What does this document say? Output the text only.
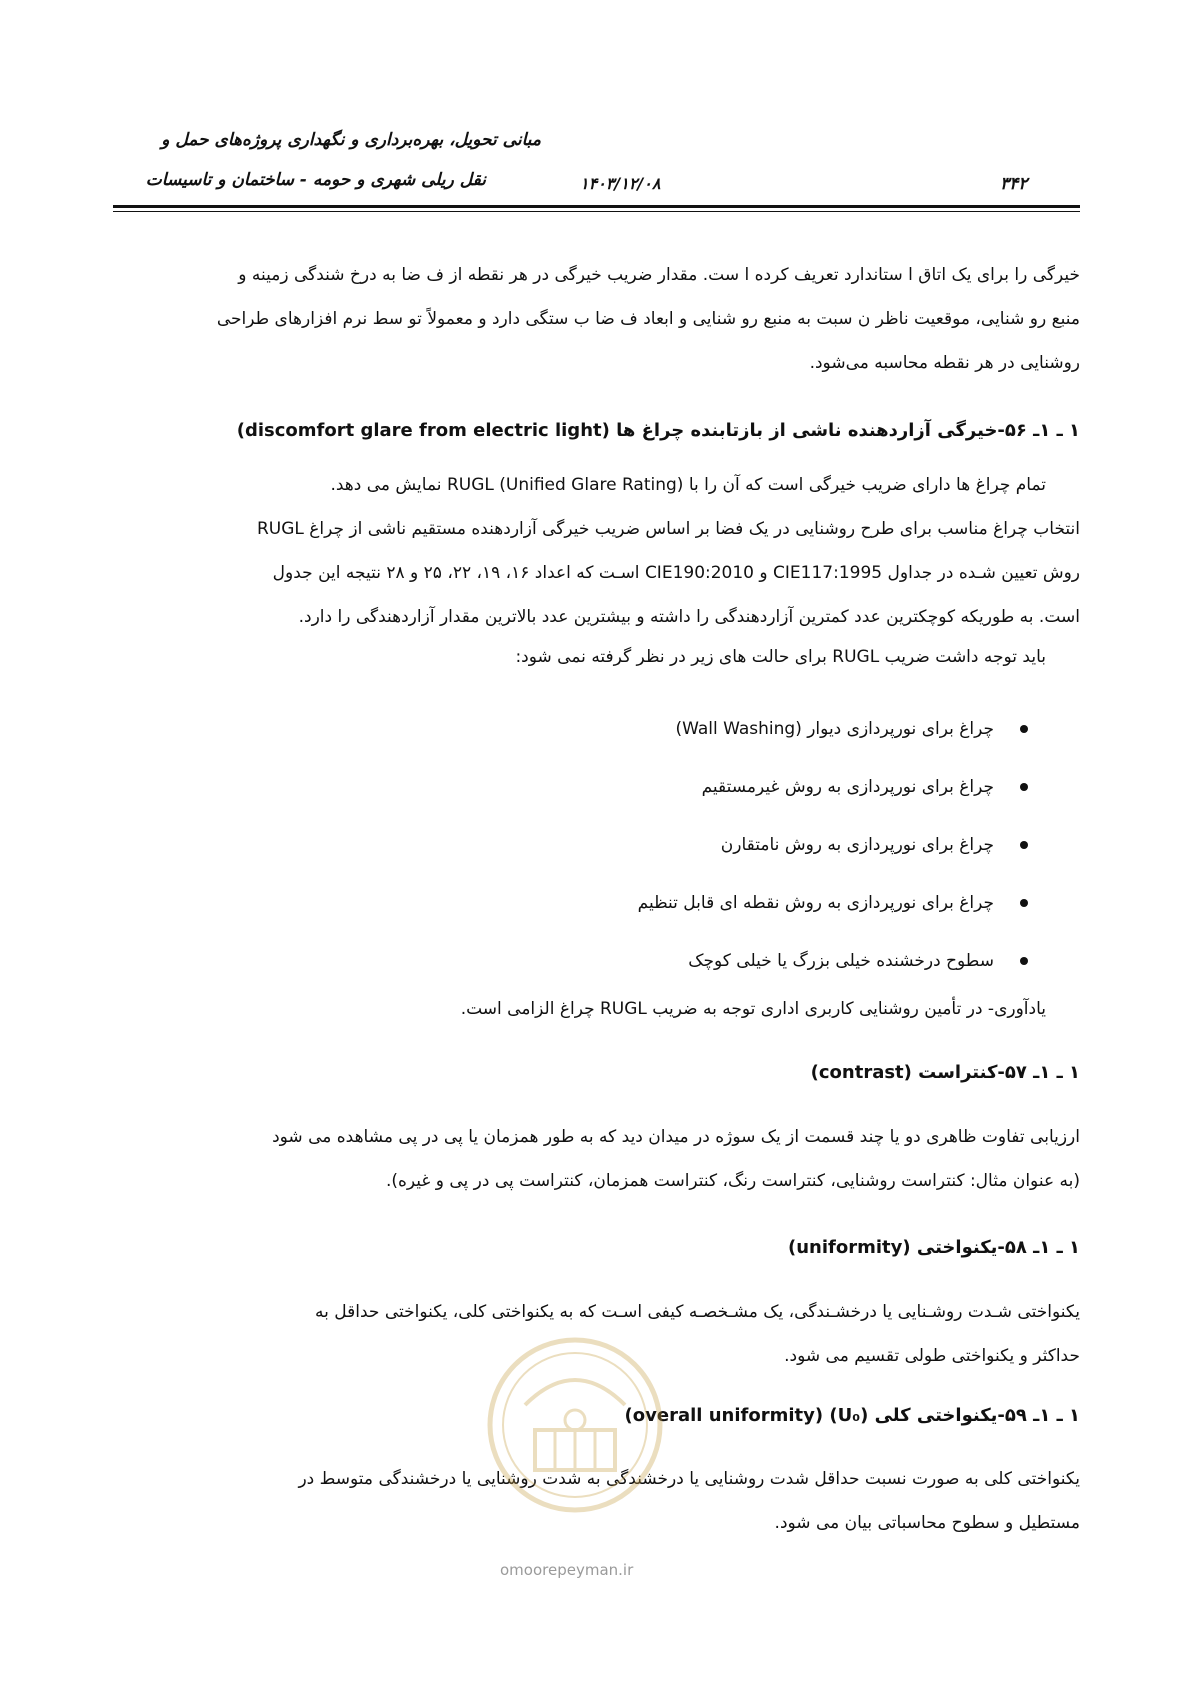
مبانی تحویل، بهره‌برداری و نگهداری پروژه‌های حمل و
نقل ریلی شهری و حومه - ساختمان و تاسیسات	۱۴۰۳/۱۲/۰۸	۳۴۲
خیرگی را برای یک اتاق ا ستاندارد تعریف کرده ا ست. مقدار ضریب خیرگی در هر نقطه از ف ضا به درخ شندگی زمینه و
منبع رو شنایی، موقعیت ناظر ن سبت به منبع رو شنایی و ابعاد ف ضا ب ستگی دارد و معمولاً تو سط نرم افزارهای طراحی
روشنایی در هر نقطه محاسبه می‌شود.
۱ ـ ۱ـ ۵۶-خیرگی آزاردهنده ناشی از بازتابنده چراغ ها (discomfort glare from electric light)
تمام چراغ ها دارای ضریب خیرگی است که آن را با RUGL (Unified Glare Rating) نمایش می دهد.
انتخاب چراغ مناسب برای طرح روشنایی در یک فضا بر اساس ضریب خیرگی آزاردهنده مستقیم ناشی از چراغ RUGL
روش تعیین شـده در جداول CIE117:1995 و CIE190:2010 اسـت که اعداد ۱۶، ۱۹، ۲۲، ۲۵ و ۲۸ نتیجه این جدول
است. به طوریکه کوچکترین عدد کمترین آزاردهندگی را داشته و بیشترین عدد بالاترین مقدار آزاردهندگی را دارد.
باید توجه داشت ضریب RUGL برای حالت های زیر در نظر گرفته نمی شود:
چراغ برای نورپردازی دیوار (Wall Washing)
چراغ برای نورپردازی به روش غیرمستقیم
چراغ برای نورپردازی به روش نامتقارن
چراغ برای نورپردازی به روش نقطه ای قابل تنظیم
سطوح درخشنده خیلی بزرگ یا خیلی کوچک
یادآوری- در تأمین روشنایی کاربری اداری توجه به ضریب RUGL چراغ الزامی است.
۱ ـ ۱ـ ۵۷-کنتراست (contrast)
ارزیابی تفاوت ظاهری دو یا چند قسمت از یک سوژه در میدان دید که به طور همزمان یا پی در پی مشاهده می شود
(به عنوان مثال: کنتراست روشنایی، کنتراست رنگ، کنتراست همزمان، کنتراست پی در پی و غیره).
۱ ـ ۱ـ ۵۸-یکنواختی (uniformity)
یکنواختی شـدت روشـنایی یا درخشـندگی، یک مشـخصـه کیفی اسـت که به یکنواختی کلی، یکنواختی حداقل به
حداکثر و یکنواختی طولی تقسیم می شود.
۱ ـ ۱ـ ۵۹-یکنواختی کلی (U₀) (overall uniformity)
یکنواختی کلی به صورت نسبت حداقل شدت روشنایی یا درخشندگی به شدت روشنایی یا درخشندگی متوسط در
مستطیل و سطوح محاسباتی بیان می شود.
omoorepeyman.ir
